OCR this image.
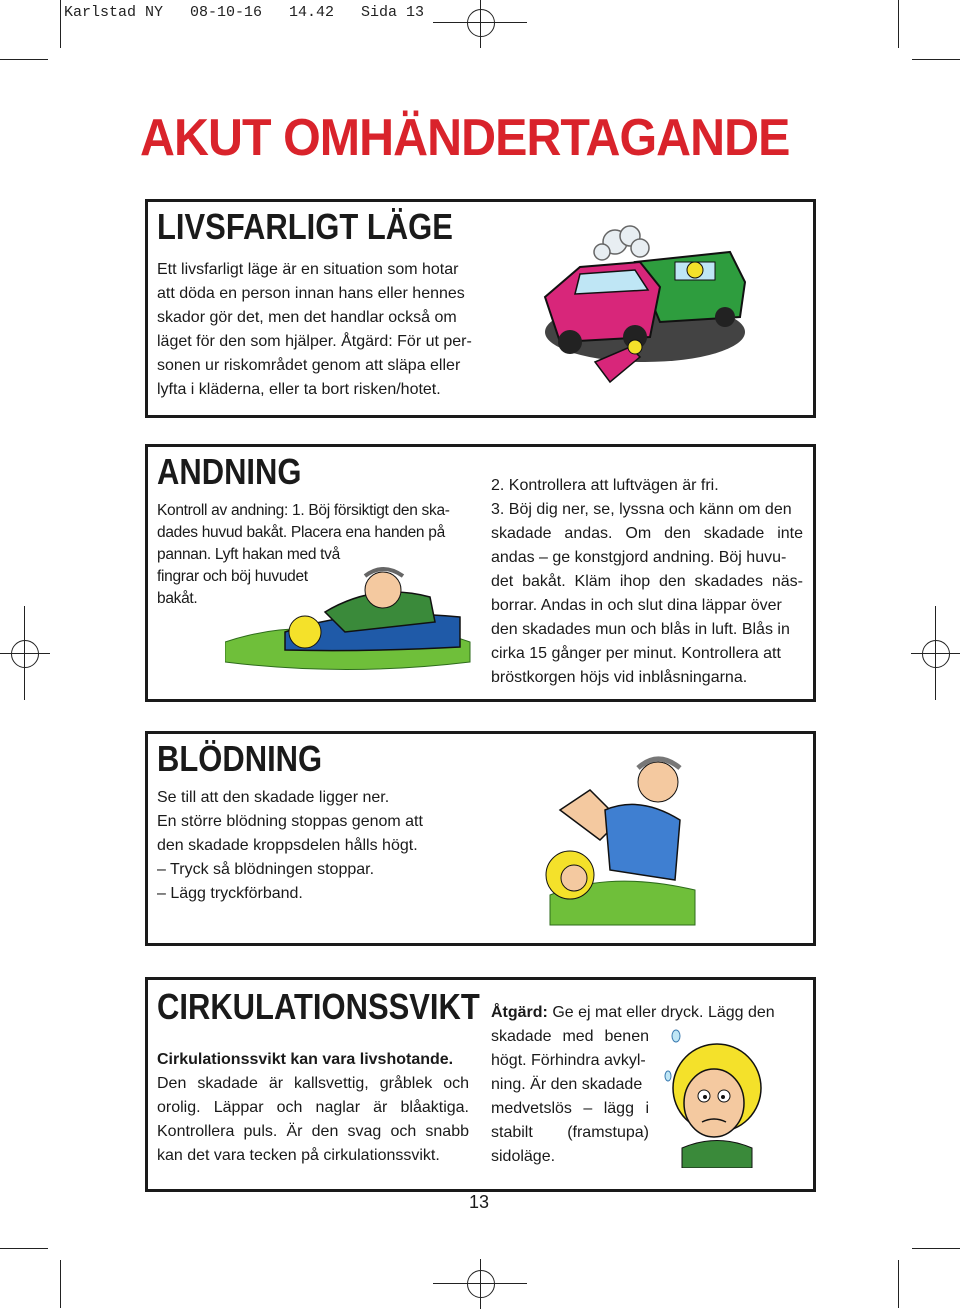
Karlstad NY   08-10-16   14.42   Sida 13
AKUT OMHÄNDERTAGANDE
LIVSFARLIGT LÄGE

Ett livsfarligt läge är en situation som hotar

att döda en person innan hans eller hennes

skador gör det, men det handlar också om

läget för den som hjälper. Åtgärd: För ut per-

sonen ur riskområdet genom att släpa eller

lyfta i kläderna, eller ta bort risken/hotet.

ANDNING

Kontroll av andning: 1. Böj försiktigt den ska-

dades huvud bakåt. Placera ena handen på

pannan. Lyft hakan med två

fingrar och böj huvudet

bakåt.

2. Kontrollera att luftvägen är fri.

3. Böj dig ner, se, lyssna och känn om den

skadade andas. Om den skadade inte

andas – ge konstgjord andning. Böj huvu-

det bakåt. Kläm ihop den skadades näs-

borrar. Andas in och slut dina läppar över

den skadades mun och blås in luft. Blås in

cirka 15 gånger per minut. Kontrollera att

bröstkorgen höjs vid inblåsningarna.

BLÖDNING

Se till att den skadade ligger ner.

En större blödning stoppas genom att

den skadade kroppsdelen hålls högt.

– Tryck så blödningen stoppar.

– Lägg tryckförband.

CIRKULATIONSSVIKT

Cirkulationssvikt kan vara livshotande.

Den skadade är kallsvettig, gråblek och

orolig. Läppar och naglar är blåaktiga.

Kontrollera puls. Är den svag och snabb

kan det vara tecken på cirkulationssvikt.

Åtgärd: Ge ej mat eller dryck. Lägg den

skadade med benen

högt. Förhindra avkyl-

ning. Är den skadade

medvetslös – lägg i

stabilt (framstupa)

sidoläge.

13
